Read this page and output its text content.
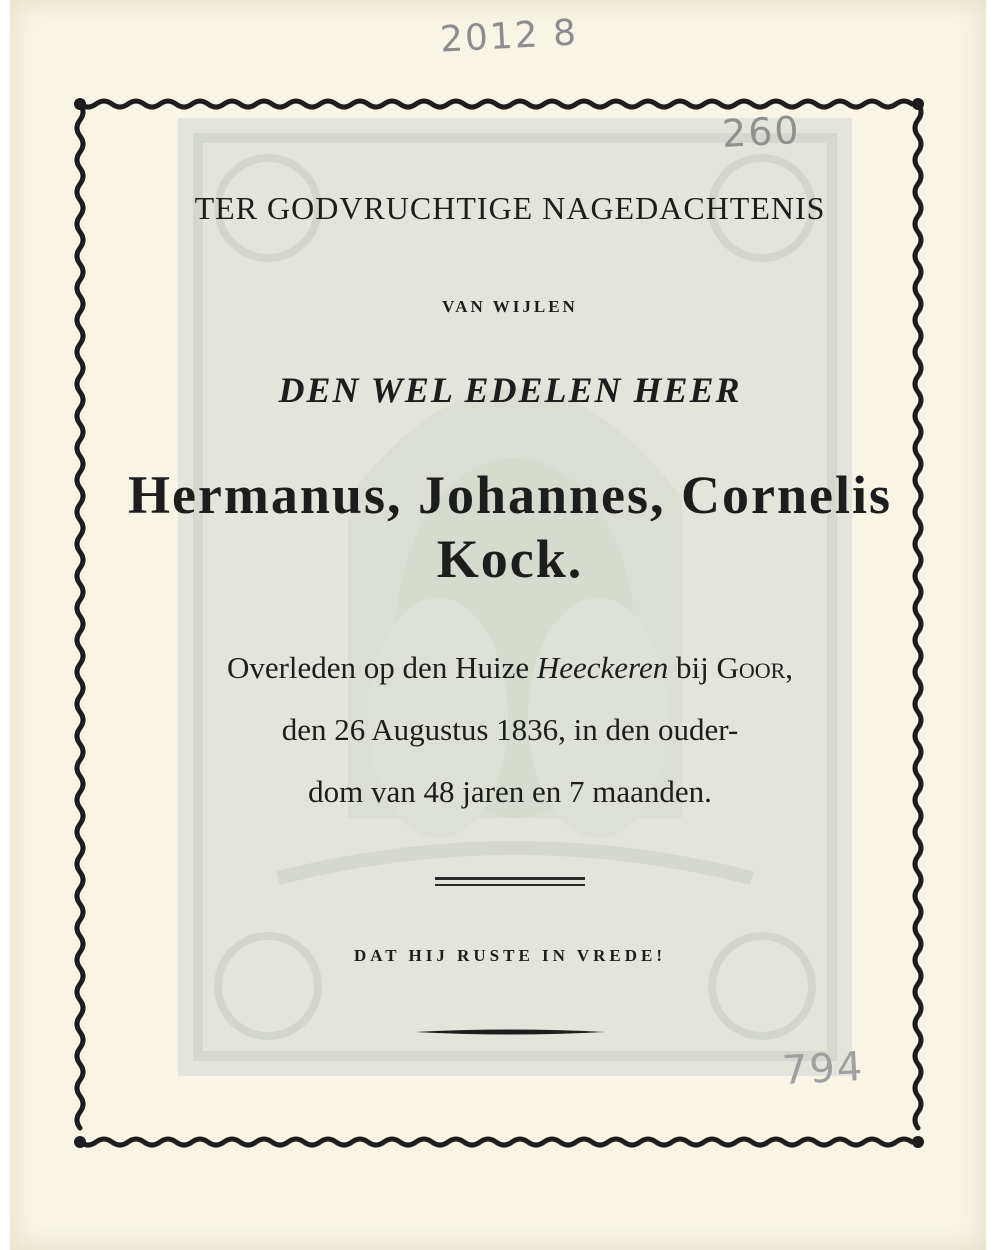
2012 8
260
794
TER GODVRUCHTIGE NAGEDACHTENIS
VAN WIJLEN
DEN WEL EDELEN HEER
Hermanus, Johannes, Cornelis
Kock.
Overleden op den Huize Heeckeren bij Goor,
den 26 Augustus 1836, in den ouder-
dom van 48 jaren en 7 maanden.
DAT HIJ RUSTE IN VREDE!
